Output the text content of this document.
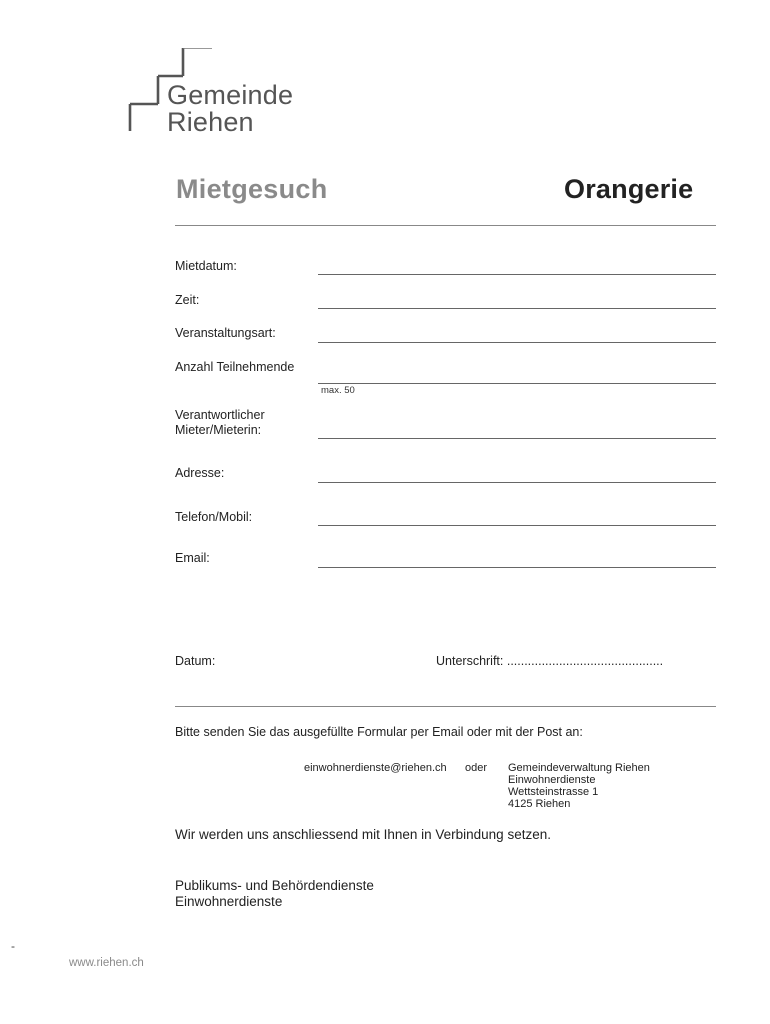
Gemeinde
Riehen
Mietgesuch	Orangerie
Mietdatum:
Zeit:
Veranstaltungsart:
Anzahl Teilnehmende
max. 50
Verantwortlicher
Mieter/Mieterin:
Adresse:
Telefon/Mobil:
Email:
Datum:	Unterschrift: .............................................
Bitte senden Sie das ausgefüllte Formular per Email oder mit der Post an:
einwohnerdienste@riehen.ch oder Gemeindeverwaltung Riehen
Einwohnerdienste
Wettsteinstrasse 1
4125 Riehen
Wir werden uns anschliessend mit Ihnen in Verbindung setzen.
Publikums- und Behördendienste
Einwohnerdienste
-
www.riehen.ch
